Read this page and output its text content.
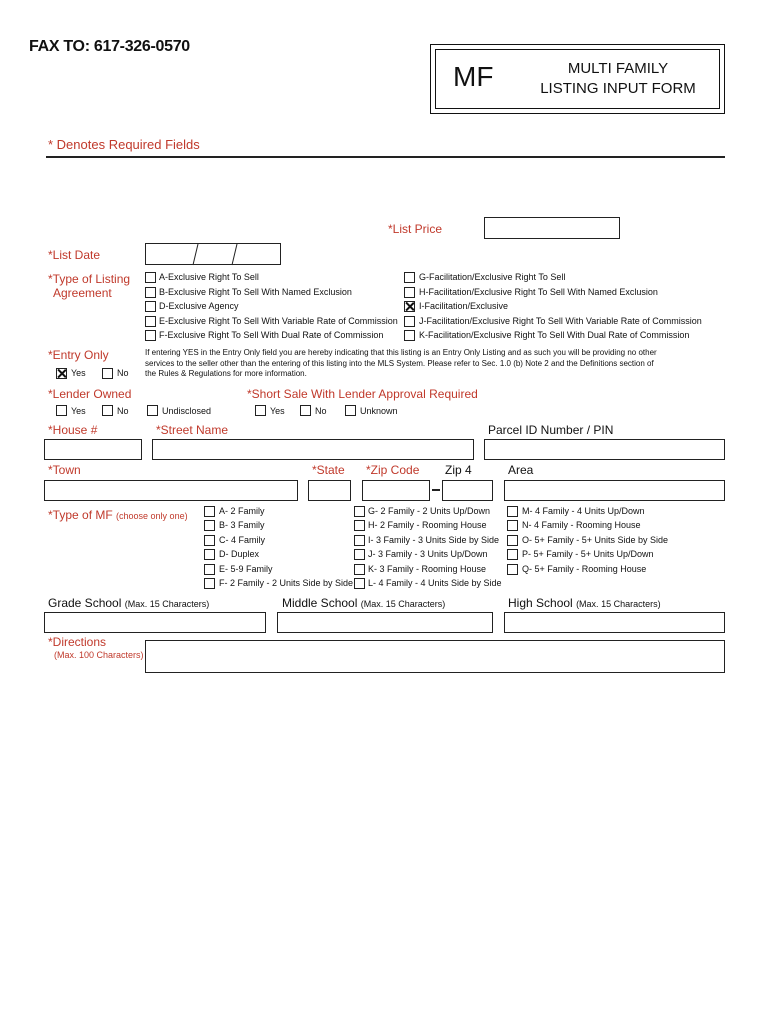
FAX TO: 617-326-0570
MF	MULTI FAMILY
LISTING INPUT FORM
* Denotes Required Fields
*List Price
*List Date
*Type of Listing
Agreement
A-Exclusive Right To Sell
B-Exclusive Right To Sell With Named Exclusion
D-Exclusive Agency
E-Exclusive Right To Sell With Variable Rate of Commission
F-Exclusive Right To Sell With Dual Rate of Commission
G-Facilitation/Exclusive Right To Sell
H-Facilitation/Exclusive Right To Sell With Named Exclusion
I-Facilitation/Exclusive
J-Facilitation/Exclusive Right To Sell With Variable Rate of Commission
K-Facilitation/Exclusive Right To Sell With Dual Rate of Commission
*Entry Only
Yes	No
If entering YES in the Entry Only field you are hereby indicating that this listing is an Entry Only Listing and as such you will be providing no other
services to the seller other than the entering of this listing into the MLS System. Please refer to Sec. 1.0 (b) Note 2 and the Definitions section of
the Rules & Regulations for more information.
*Lender Owned	*Short Sale With Lender Approval Required
Yes	No	Undisclosed	Yes	No	Unknown
*House #	*Street Name	Parcel ID Number / PIN
*Town	*State *Zip Code Zip 4	Area
*Type of MF (choose only one)	A- 2 Family
B- 3 Family
C- 4 Family
D- Duplex
E- 5-9 Family
F- 2 Family - 2 Units Side by Side
G- 2 Family - 2 Units Up/Down
H- 2 Family - Rooming House
I- 3 Family - 3 Units Side by Side
J- 3 Family - 3 Units Up/Down
K- 3 Family - Rooming House
L- 4 Family - 4 Units Side by Side
M- 4 Family - 4 Units Up/Down
N- 4 Family - Rooming House
O- 5+ Family - 5+ Units Side by Side
P- 5+ Family - 5+ Units Up/Down
Q- 5+ Family - Rooming House
Grade School (Max. 15 Characters)	Middle School (Max. 15 Characters)	High School (Max. 15 Characters)
*Directions
(Max. 100 Characters)
